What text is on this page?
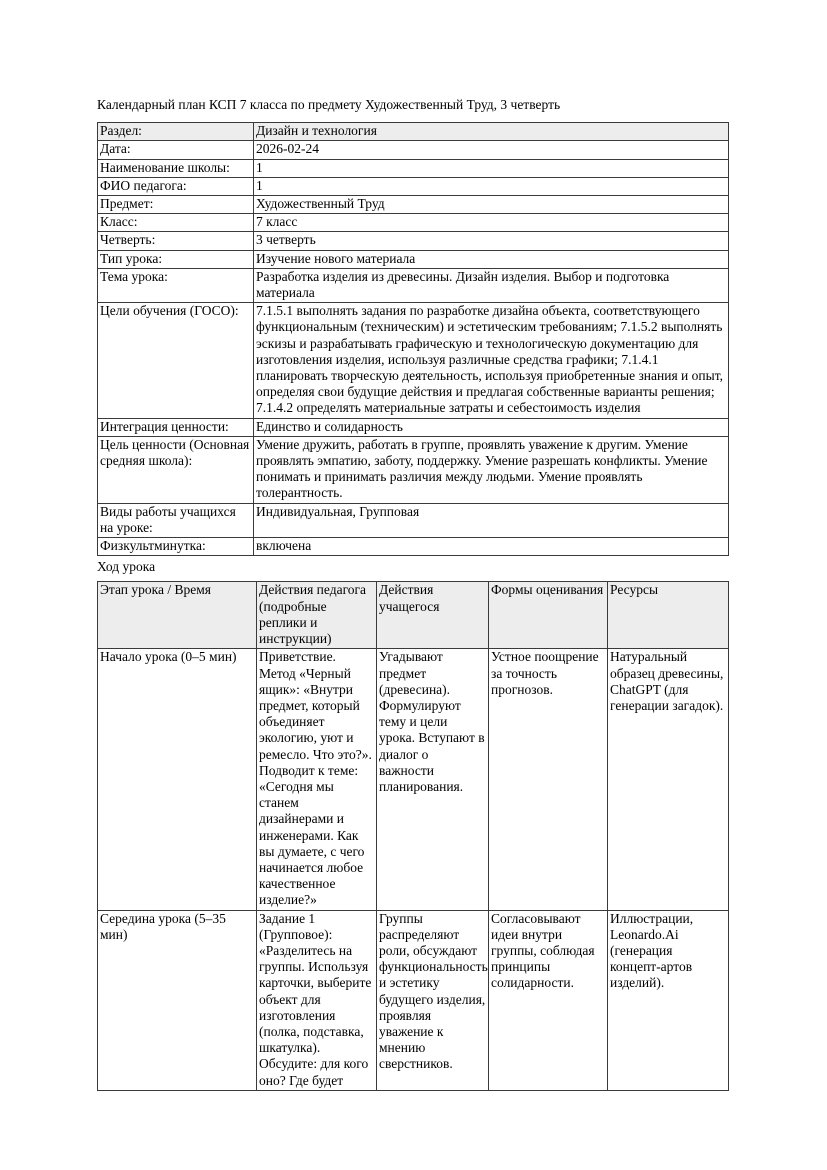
Календарный план КСП 7 класса по предмету Художественный Труд, 3 четверть

Раздел:	Дизайн и технология
Дата:	2026-02-24
Наименование школы:	1
ФИО педагога:	1
Предмет:	Художественный Труд
Класс:	7 класс
Четверть:	3 четверть
Тип урока:	Изучение нового материала
Тема урока:	Разработка изделия из древесины. Дизайн изделия. Выбор и подготовка материала
Цели обучения (ГОСО):	7.1.5.1 выполнять задания по разработке дизайна объекта, соответствующего функциональным (техническим) и эстетическим требованиям; 7.1.5.2 выполнять эскизы и разрабатывать графическую и технологическую документацию для изготовления изделия, используя различные средства графики; 7.1.4.1 планировать творческую деятельность, используя приобретенные знания и опыт, определяя свои будущие действия и предлагая собственные варианты решения; 7.1.4.2 определять материальные затраты и себестоимость изделия
Интеграция ценности:	Единство и солидарность
Цель ценности (Основная средняя школа):	Умение дружить, работать в группе, проявлять уважение к другим. Умение проявлять эмпатию, заботу, поддержку. Умение разрешать конфликты. Умение понимать и принимать различия между людьми. Умение проявлять толерантность.
Виды работы учащихся на уроке:	Индивидуальная, Групповая
Физкультминутка:	включена

Ход урока

Этап урока / Время	Действия педагога (подробные реплики и инструкции)	Действия учащегося	Формы оценивания	Ресурсы
Начало урока (0–5 мин)	Приветствие. Метод «Черный ящик»: «Внутри предмет, который объединяет экологию, уют и ремесло. Что это?». Подводит к теме: «Сегодня мы станем дизайнерами и инженерами. Как вы думаете, с чего начинается любое качественное изделие?»	Угадывают предмет (древесина). Формулируют тему и цели урока. Вступают в диалог о важности планирования.	Устное поощрение за точность прогнозов.	Натуральный образец древесины, ChatGPT (для генерации загадок).
Середина урока (5–35 мин)	Задание 1 (Групповое): «Разделитесь на группы. Используя карточки, выберите объект для изготовления (полка, подставка, шкатулка). Обсудите: для кого оно? Где будет	Группы распределяют роли, обсуждают функциональность и эстетику будущего изделия, проявляя уважение к мнению сверстников.	Согласовывают идеи внутри группы, соблюдая принципы солидарности.	Иллюстрации, Leonardo.Ai (генерация концепт-артов изделий).
